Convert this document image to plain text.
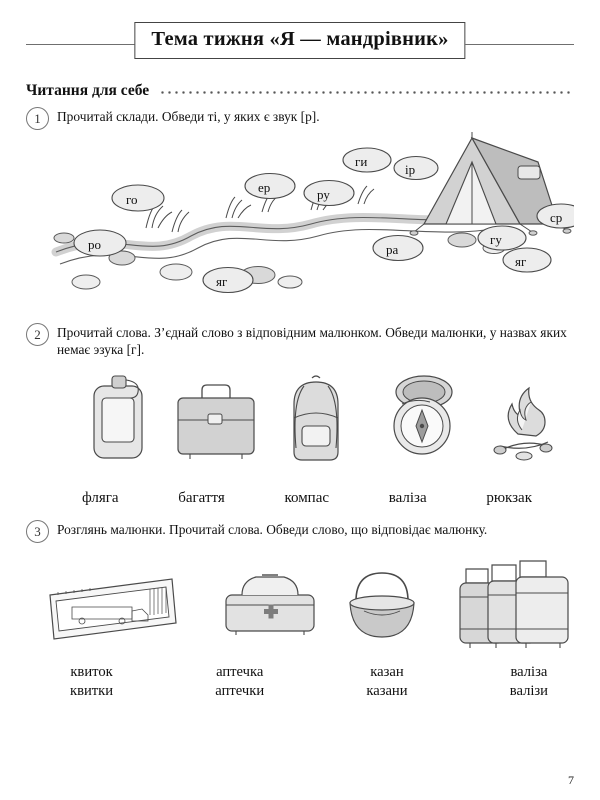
Тема тижня «Я — мандрівник»
Читання для себе
1	Прочитай склади. Обведи ті, у яких є звук [р].
го
ро
яг
ер	ру
ги
ір
ра
гу
ср
яг
2	Прочитай слова. З’єднай слово з відповідним малюнком. Обведи малюнки, у назвах яких немає эзука [г].
фляга	багаття	компас	валіза	рюкзак
3	Розглянь малюнки. Прочитай слова. Обведи слово, що відповідає малюнку.
квиток
квитки
аптечка
аптечки
казан
казани
валіза
валізи
7
